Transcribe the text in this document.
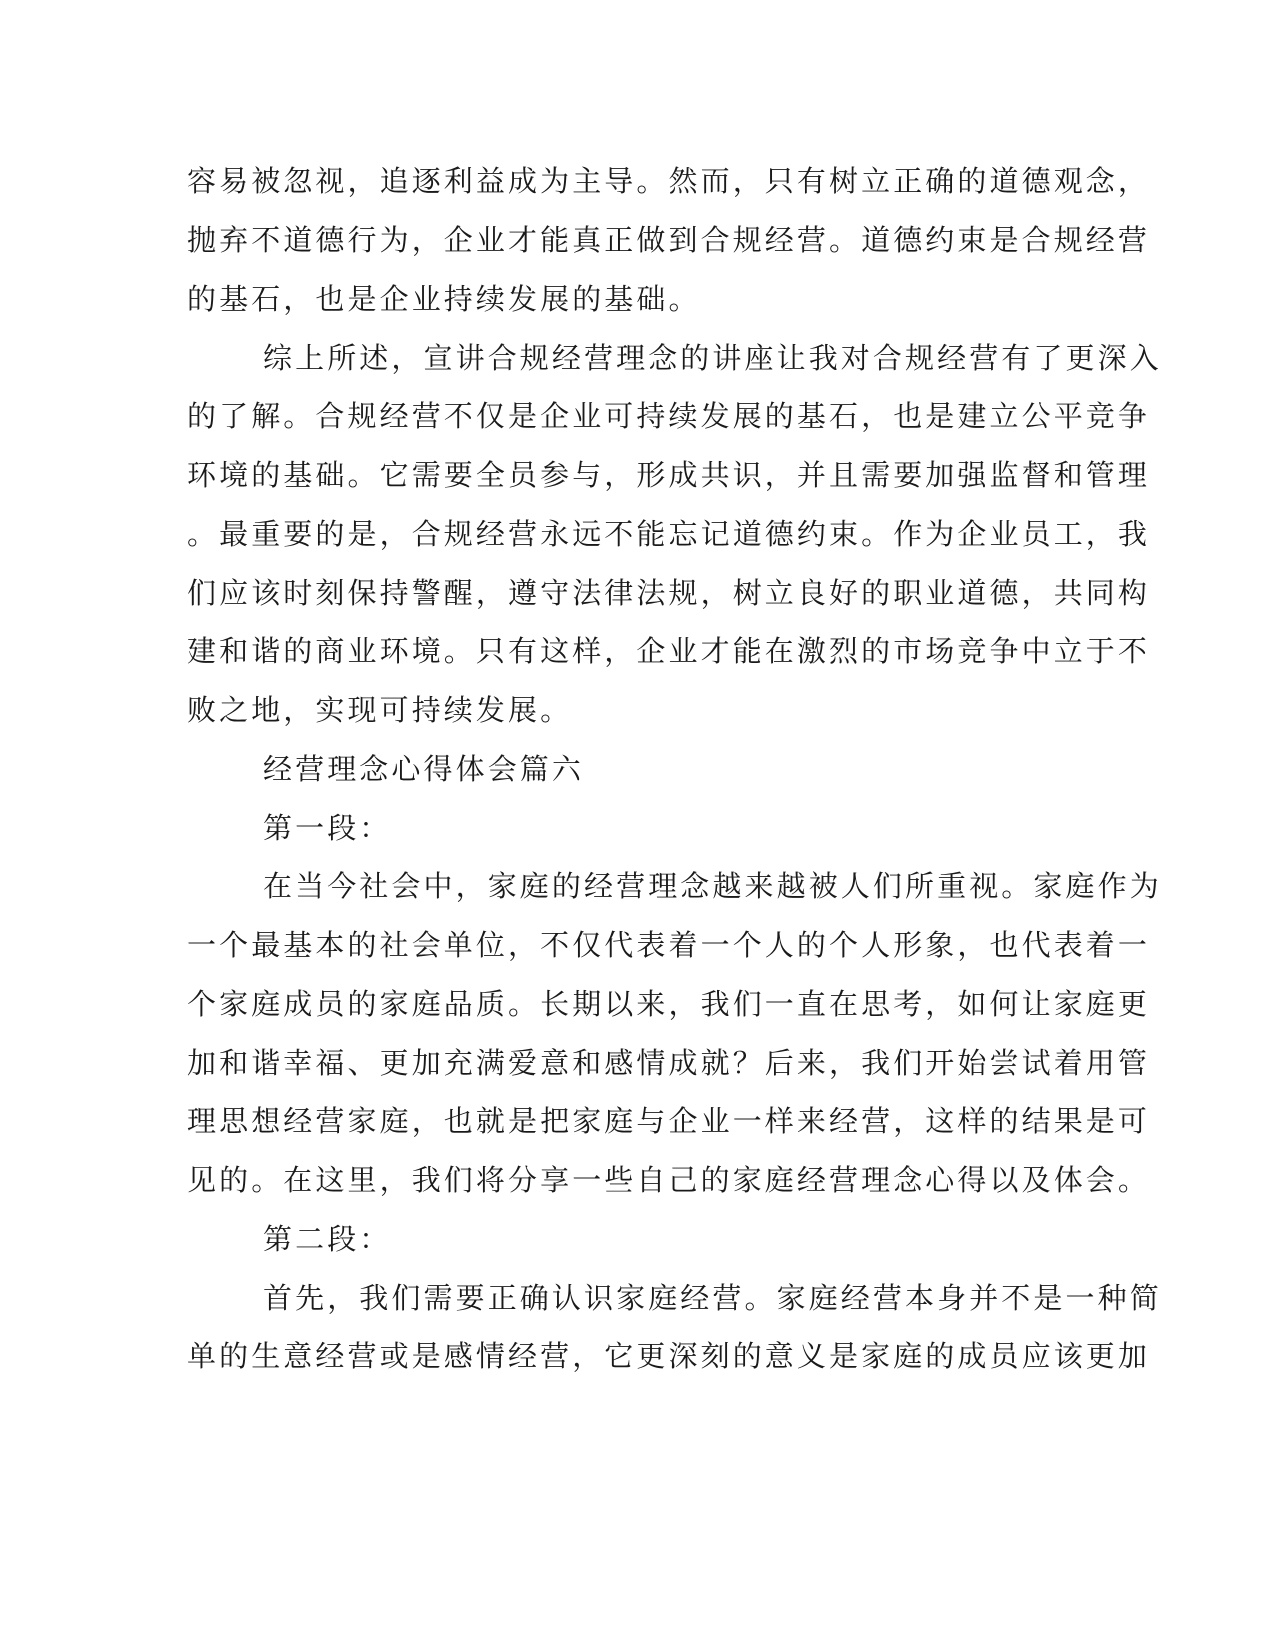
容易被忽视，追逐利益成为主导。然而，只有树立正确的道德观念，
抛弃不道德行为，企业才能真正做到合规经营。道德约束是合规经营
的基石，也是企业持续发展的基础。
综上所述，宣讲合规经营理念的讲座让我对合规经营有了更深入
的了解。合规经营不仅是企业可持续发展的基石，也是建立公平竞争
环境的基础。它需要全员参与，形成共识，并且需要加强监督和管理
。最重要的是，合规经营永远不能忘记道德约束。作为企业员工，我
们应该时刻保持警醒，遵守法律法规，树立良好的职业道德，共同构
建和谐的商业环境。只有这样，企业才能在激烈的市场竞争中立于不
败之地，实现可持续发展。
经营理念心得体会篇六
第一段：
在当今社会中，家庭的经营理念越来越被人们所重视。家庭作为
一个最基本的社会单位，不仅代表着一个人的个人形象，也代表着一
个家庭成员的家庭品质。长期以来，我们一直在思考，如何让家庭更
加和谐幸福、更加充满爱意和感情成就？后来，我们开始尝试着用管
理思想经营家庭，也就是把家庭与企业一样来经营，这样的结果是可
见的。在这里，我们将分享一些自己的家庭经营理念心得以及体会。
第二段：
首先，我们需要正确认识家庭经营。家庭经营本身并不是一种简
单的生意经营或是感情经营，它更深刻的意义是家庭的成员应该更加
